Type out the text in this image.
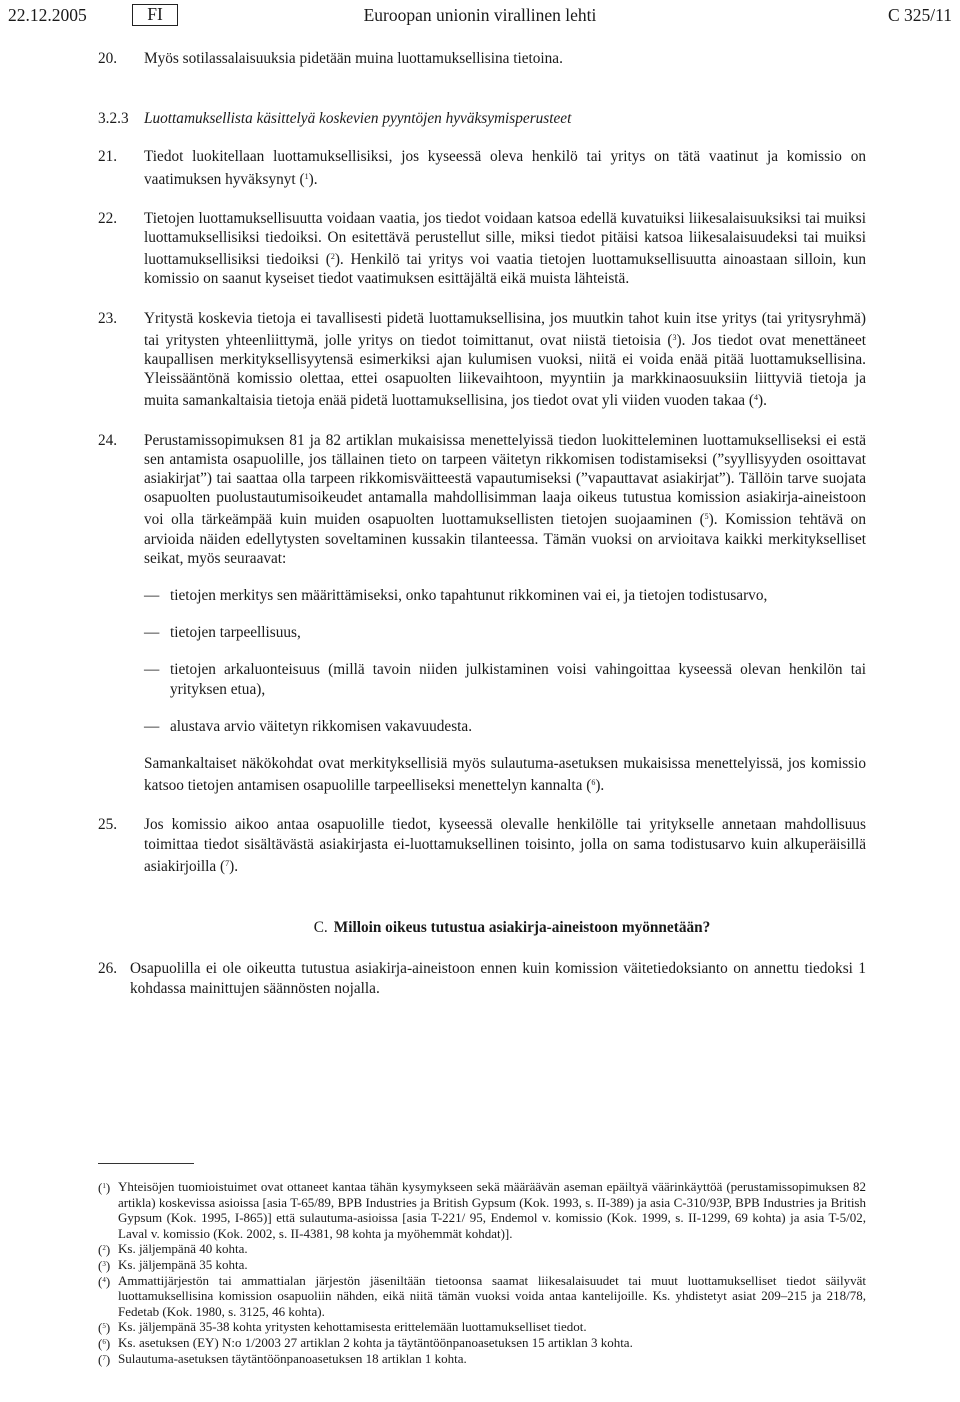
22.12.2005	FI	Euroopan unionin virallinen lehti	C 325/11

20. Myös sotilassalaisuuksia pidetään muina luottamuksellisina tietoina.

3.2.3 Luottamuksellista käsittelyä koskevien pyyntöjen hyväksymisperusteet

21. Tiedot luokitellaan luottamuksellisiksi, jos kyseessä oleva henkilö tai yritys on tätä vaatinut ja komissio on vaatimuksen hyväksynyt ($^1$).

22. Tietojen luottamuksellisuutta voidaan vaatia, jos tiedot voidaan katsoa edellä kuvatuiksi liikesalaisuuksiksi tai muiksi luottamuksellisiksi tiedoiksi. On esitettävä perustellut sille, miksi tiedot pitäisi katsoa liikesalaisuudeksi tai muiksi luottamuksellisiksi tiedoiksi ($^2$). Henkilö tai yritys voi vaatia tietojen luottamuksellisuutta ainoastaan silloin, kun komissio on saanut kyseiset tiedot vaatimuksen esittäjältä eikä muista lähteistä.

23. Yritystä koskevia tietoja ei tavallisesti pidetä luottamuksellisina, jos muutkin tahot kuin itse yritys (tai yritysryhmä) tai yritysten yhteenliittymä, jolle yritys on tiedot toimittanut, ovat niistä tietoisia ($^3$). Jos tiedot ovat menettäneet kaupallisen merkityksellisyytensä esimerkiksi ajan kulumisen vuoksi, niitä ei voida enää pitää luottamuksellisina. Yleissääntönä komissio olettaa, ettei osapuolten liikevaihtoon, myyntiin ja markkinaosuuksiin liittyviä tietoja ja muita samankaltaisia tietoja enää pidetä luottamuksellisina, jos tiedot ovat yli viiden vuoden takaa ($^4$).

24. Perustamissopimuksen 81 ja 82 artiklan mukaisissa menettelyissä tiedon luokitteleminen luottamukselliseksi ei estä sen antamista osapuolille, jos tällainen tieto on tarpeen väitetyn rikkomisen todistamiseksi (”syyllisyyden osoittavat asiakirjat”) tai saattaa olla tarpeen rikkomisväitteestä vapautumiseksi (”vapauttavat asiakirjat”). Tällöin tarve suojata osapuolten puolustautumisoikeudet antamalla mahdollisimman laaja oikeus tutustua komission asiakirja-aineistoon voi olla tärkeämpää kuin muiden osapuolten luottamuksellisten tietojen suojaaminen ($^5$). Komission tehtävä on arvioida näiden edellytysten soveltaminen kussakin tilanteessa. Tämän vuoksi on arvioitava kaikki merkitykselliset seikat, myös seuraavat:

— tietojen merkitys sen määrittämiseksi, onko tapahtunut rikkominen vai ei, ja tietojen todistusarvo,

— tietojen tarpeellisuus,

— tietojen arkaluonteisuus (millä tavoin niiden julkistaminen voisi vahingoittaa kyseessä olevan henkilön tai yrityksen etua),

— alustava arvio väitetyn rikkomisen vakavuudesta.

Samankaltaiset näkökohdat ovat merkityksellisiä myös sulautuma-asetuksen mukaisissa menettelyissä, jos komissio katsoo tietojen antamisen osapuolille tarpeelliseksi menettelyn kannalta ($^6$).

25. Jos komissio aikoo antaa osapuolille tiedot, kyseessä olevalle henkilölle tai yritykselle annetaan mahdollisuus toimittaa tiedot sisältävästä asiakirjasta ei-luottamuksellinen toisinto, jolla on sama todistusarvo kuin alkuperäisillä asiakirjoilla ($^7$).

C. Milloin oikeus tutustua asiakirja-aineistoon myönnetään?

26. Osapuolilla ei ole oikeutta tutustua asiakirja-aineistoon ennen kuin komission väitetiedoksianto on annettu tiedoksi 1 kohdassa mainittujen säännösten nojalla.

($^1$) Yhteisöjen tuomioistuimet ovat ottaneet kantaa tähän kysymykseen sekä määräävän aseman epäiltyä väärinkäyttöä (perustamissopimuksen 82 artikla) koskevissa asioissa [asia T-65/89, BPB Industries ja British Gypsum (Kok. 1993, s. II-389) ja asia C-310/93P, BPB Industries ja British Gypsum (Kok. 1995, I-865)] että sulautuma-asioissa [asia T-221/ 95, Endemol v. komissio (Kok. 1999, s. II-1299, 69 kohta) ja asia T-5/02, Laval v. komissio (Kok. 2002, s. II-4381, 98 kohta ja myöhemmät kohdat)].

($^2$) Ks. jäljempänä 40 kohta.

($^3$) Ks. jäljempänä 35 kohta.

($^4$) Ammattijärjestön tai ammattialan järjestön jäseniltään tietoonsa saamat liikesalaisuudet tai muut luottamukselliset tiedot säilyvät luottamuksellisina komission osapuoliin nähden, eikä niitä tämän vuoksi voida antaa kantelijoille. Ks. yhdistetyt asiat 209–215 ja 218/78, Fedetab (Kok. 1980, s. 3125, 46 kohta).

($^5$) Ks. jäljempänä 35-38 kohta yritysten kehottamisesta erittelemään luottamukselliset tiedot.

($^6$) Ks. asetuksen (EY) N:o 1/2003 27 artiklan 2 kohta ja täytäntöönpanoasetuksen 15 artiklan 3 kohta.

($^7$) Sulautuma-asetuksen täytäntöönpanoasetuksen 18 artiklan 1 kohta.
